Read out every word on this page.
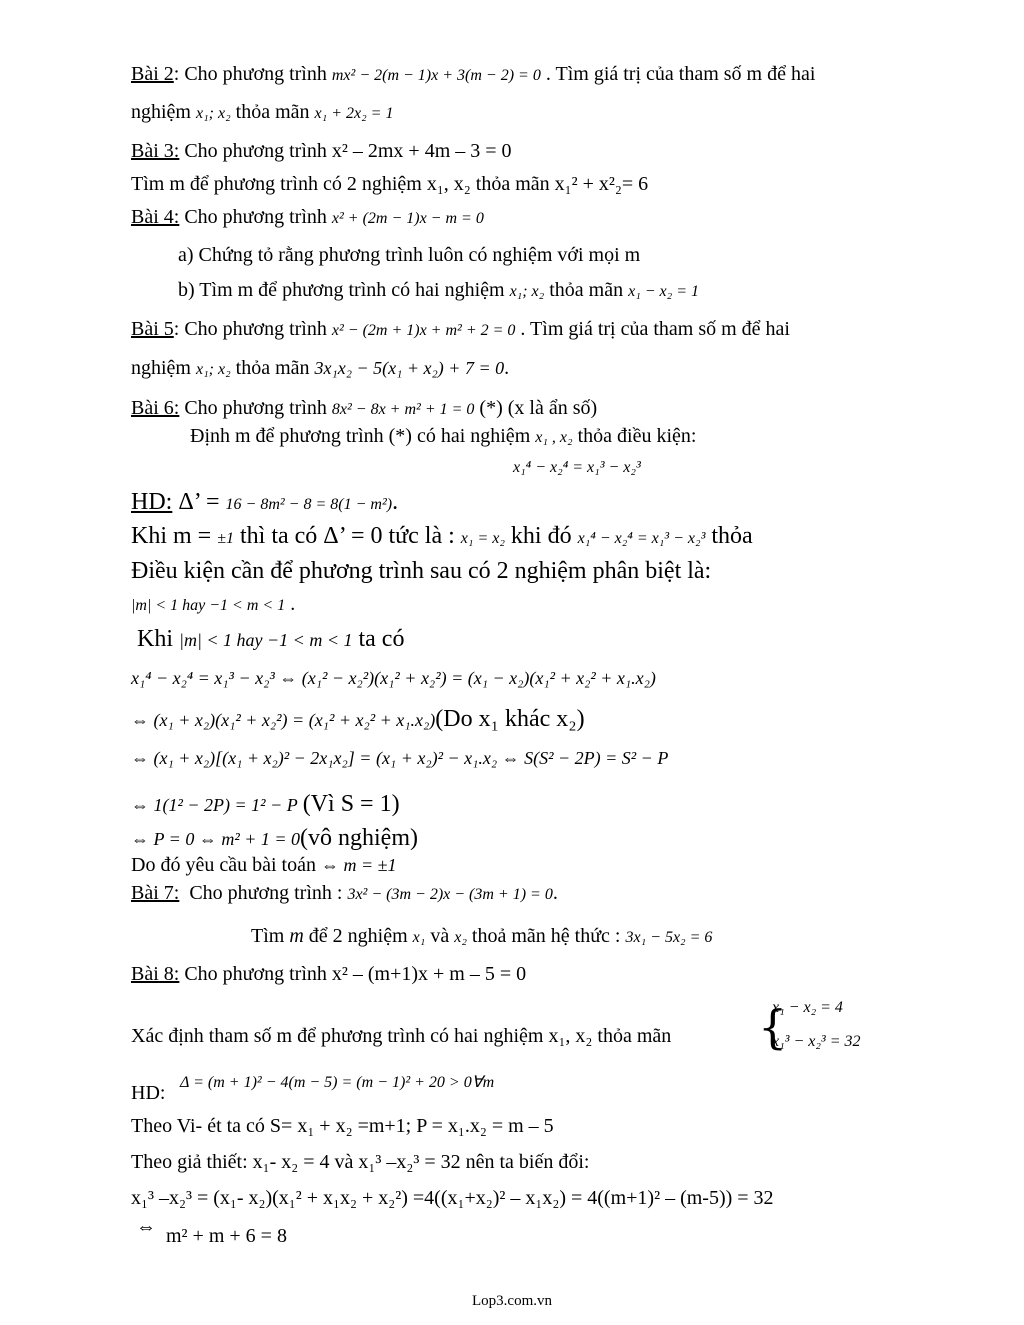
Bài 2: Cho phương trình mx² − 2(m − 1)x + 3(m − 2) = 0 . Tìm giá trị của tham số m để hai
nghiệm x₁; x₂ thỏa mãn x₁ + 2x₂ = 1
Bài 3: Cho phương trình x² – 2mx + 4m – 3 = 0
Tìm m để phương trình có 2 nghiệm x₁, x₂ thỏa mãn x₁² + x²₂= 6
Bài 4: Cho phương trình x² + (2m − 1)x − m = 0
a) Chứng tỏ rằng phương trình luôn có nghiệm với mọi m
b) Tìm m để phương trình có hai nghiệm x₁; x₂ thỏa mãn x₁ − x₂ = 1
Bài 5: Cho phương trình x² − (2m + 1)x + m² + 2 = 0 . Tìm giá trị của tham số m để hai
nghiệm x₁; x₂ thỏa mãn 3x₁x₂ − 5(x₁ + x₂) + 7 = 0.
Bài 6: Cho phương trình 8x² − 8x + m² + 1 = 0 (*) (x là ẩn số)
Định m để phương trình (*) có hai nghiệm x₁ , x₂ thỏa điều kiện:
x₁⁴ − x₂⁴ = x₁³ − x₂³
HD: Δ’ = 16 − 8m² − 8 = 8(1 − m²).
Khi m = ±1 thì ta có Δ’ = 0 tức là : x₁ = x₂ khi đó x₁⁴ − x₂⁴ = x₁³ − x₂³ thỏa
Điều kiện cần để phương trình sau có 2 nghiệm phân biệt là:
|m| < 1 hay −1 < m < 1 .
Khi |m| < 1 hay −1 < m < 1 ta có
x₁⁴ − x₂⁴ = x₁³ − x₂³ ⇔ (x₁² − x₂²)(x₁² + x₂²) = (x₁ − x₂)(x₁² + x₂² + x₁.x₂)
⇔ (x₁ + x₂)(x₁² + x₂²) = (x₁² + x₂² + x₁.x₂)(Do x₁ khác x₂)
⇔ (x₁ + x₂)[(x₁ + x₂)² − 2x₁x₂] = (x₁ + x₂)² − x₁.x₂ ⇔ S(S² − 2P) = S² − P
⇔ 1(1² − 2P) = 1² − P (Vì S = 1)
⇔ P = 0 ⇔ m² + 1 = 0(vô nghiệm)
Do đó yêu cầu bài toán ⇔ m = ±1
Bài 7: Cho phương trình : 3x² − (3m − 2)x − (3m + 1) = 0.
Tìm m để 2 nghiệm x₁ và x₂ thoả mãn hệ thức : 3x₁ − 5x₂ = 6
Bài 8: Cho phương trình x² – (m+1)x + m – 5 = 0
Xác định tham số m để phương trình có hai nghiệm x₁, x₂ thỏa mãn {
x₁ − x₂ = 4
x₁³ − x₂³ = 32
Δ = (m + 1)² − 4(m − 5) = (m − 1)² + 20 > 0∀m
HD:
Theo Vi- ét ta có S= x₁ + x₂ =m+1; P = x₁.x₂ = m – 5
Theo giả thiết: x₁- x₂ = 4 và x₁³ –x₂³ = 32 nên ta biến đổi:
x₁³ –x₂³ = (x₁- x₂)(x₁² + x₁x₂ + x₂²) =4((x₁+x₂)² – x₁x₂) = 4((m+1)² – (m-5)) = 32
⇔ m² + m + 6 = 8
Lop3.com.vn
